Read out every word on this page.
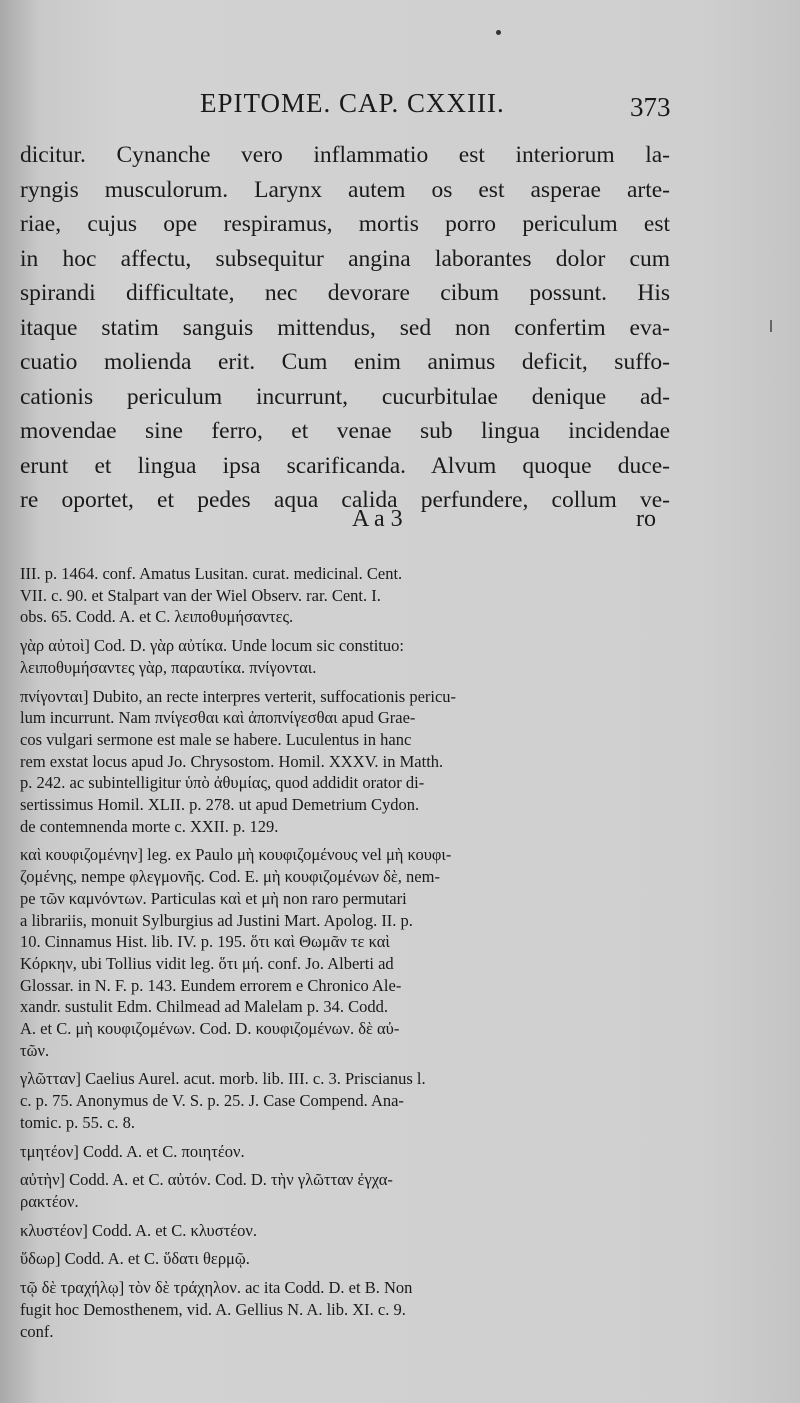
EPITOME. CAP. CXXIII.	373
dicitur. Cynanche vero inflammatio est interiorum la-
ryngis musculorum. Larynx autem os est asperae arte-
riae, cujus ope respiramus, mortis porro periculum est
in hoc affectu, subsequitur angina laborantes dolor cum
spirandi difficultate, nec devorare cibum possunt. His
itaque statim sanguis mittendus, sed non confertim eva-
cuatio molienda erit. Cum enim animus deficit, suffo-
cationis periculum incurrunt, cucurbitulae denique ad-
movendae sine ferro, et venae sub lingua incidendae
erunt et lingua ipsa scarificanda. Alvum quoque duce-
re oportet, et pedes aqua calida perfundere, collum ve-
A a 3	ro
III. p. 1464. conf. Amatus Lusitan. curat. medicinal. Cent.
VII. c. 90. et Stalpart van der Wiel Observ. rar. Cent. I.
obs. 65. Codd. A. et C. λειποθυμήσαντες.
γὰρ αὐτοὶ] Cod. D. γὰρ αὐτίκα. Unde locum sic constituo:
λειποθυμήσαντες γὰρ, παραυτίκα. πνίγονται.
πνίγονται] Dubito, an recte interpres verterit, suffocationis pericu-
lum incurrunt. Nam πνίγεσθαι καὶ ἀποπνίγεσθαι apud Grae-
cos vulgari sermone est male se habere. Luculentus in hanc
rem exstat locus apud Jo. Chrysostom. Homil. XXXV. in Matth.
p. 242. ac subintelligitur ὑπὸ ἀθυμίας, quod addidit orator di-
sertissimus Homil. XLII. p. 278. ut apud Demetrium Cydon.
de contemnenda morte c. XXII. p. 129.
καὶ κουφιζομένην] leg. ex Paulo μὴ κουφιζομένους vel μὴ κουφι-
ζομένης, nempe φλεγμονῆς. Cod. E. μὴ κουφιζομένων δὲ, nem-
pe τῶν καμνόντων. Particulas καὶ et μὴ non raro permutari
a librariis, monuit Sylburgius ad Justini Mart. Apolog. II. p.
10. Cinnamus Hist. lib. IV. p. 195. ὅτι καὶ Θωμᾶν τε καὶ
Κόρκην, ubi Tollius vidit leg. ὅτι μή. conf. Jo. Alberti ad
Glossar. in N. F. p. 143. Eundem errorem e Chronico Ale-
xandr. sustulit Edm. Chilmead ad Malelam p. 34. Codd.
A. et C. μὴ κουφιζομένων. Cod. D. κουφιζομένων. δὲ αὐ-
τῶν.
γλῶτταν] Caelius Aurel. acut. morb. lib. III. c. 3. Priscianus l.
c. p. 75. Anonymus de V. S. p. 25. J. Case Compend. Ana-
tomic. p. 55. c. 8.
τμητέον] Codd. A. et C. ποιητέον.
αὐτὴν] Codd. A. et C. αὐτόν. Cod. D. τὴν γλῶτταν ἐγχα-
ρακτέον.
κλυστέον] Codd. A. et C. κλυστέον.
ὕδωρ] Codd. A. et C. ὕδατι θερμῷ.
τῷ δὲ τραχήλῳ] τὸν δὲ τράχηλον. ac ita Codd. D. et B. Non
fugit hoc Demosthenem, vid. A. Gellius N. A. lib. XI. c. 9.
conf.
